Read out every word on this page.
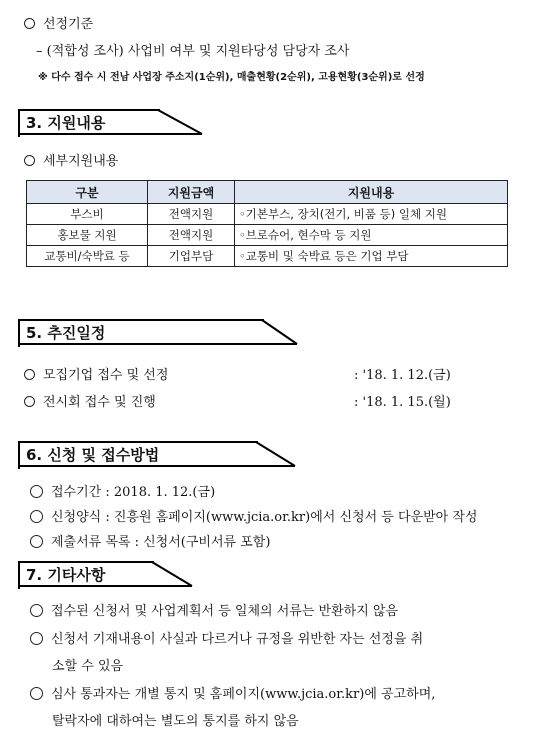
선정기준
– (적합성 조사) 사업비 여부 및 지원타당성 담당자 조사
※ 다수 접수 시 전남 사업장 주소지(1순위), 매출현황(2순위), 고용현황(3순위)로 선정
3. 지원내용
세부지원내용
구분	지원금액	지원내용
부스비	전액지원	◦기본부스, 장치(전기, 비품 등) 일체 지원
홍보물 지원	전액지원	◦브로슈어, 현수막 등 지원
교통비/숙박료 등	기업부담	◦교통비 및 숙박료 등은 기업 부담
5. 추진일정
모집기업 접수 및 선정	: '18. 1. 12.(금)
전시회 접수 및 진행	: '18. 1. 15.(월)
6. 신청 및 접수방법
접수기간 : 2018. 1. 12.(금)
신청양식 : 진흥원 홈페이지(www.jcia.or.kr)에서 신청서 등 다운받아 작성
제출서류 목록 : 신청서(구비서류 포함)
7. 기타사항
접수된 신청서 및 사업계획서 등 일체의 서류는 반환하지 않음
신청서 기재내용이 사실과 다르거나 규정을 위반한 자는 선정을 취
소할 수 있음
심사 통과자는 개별 통지 및 홈페이지(www.jcia.or.kr)에 공고하며,
탈락자에 대하여는 별도의 통지를 하지 않음
